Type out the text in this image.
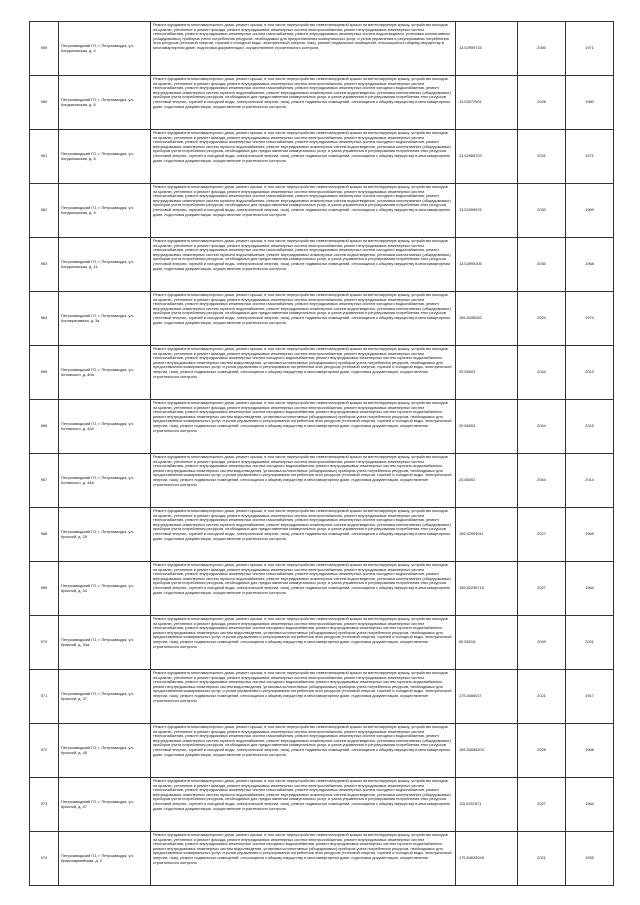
959	Петрозаводский ГО, г. Петрозаводск, ул. Кондопожская, д. 4	Ремонт фундамента многоквартирного дома, ремонт крыши, в том числе переустройство невентилируемой крыши на вентилируемую крышу, устройство выходов на кровлю, утепление и ремонт фасада, ремонт внутридомовых инженерных систем электроснабжения, ремонт внутридомовых инженерных систем теплоснабжения, ремонт внутридомовых инженерных систем газоснабжения, ремонт внутридомовых инженерных систем водоотведения, установка коллективных (общедомовых) приборов учета потребления ресурсов, необходимых для предоставления коммунальных услуг, и узлов управления и регулирования потребления этих ресурсов (тепловой энергии, горячей и холодной воды, электрической энергии, газа), ремонт подвальных помещений, относящихся к общему имуществу в многоквартирном доме, подготовка документации, осуществление строительного контроля	13.52959715	2050	1971
960	Петрозаводский ГО, г. Петрозаводск, ул. Кондопожская, д. 6	Ремонт фундамента многоквартирного дома, ремонт крыши, в том числе переустройство невентилируемой крыши на вентилируемую крышу, устройство выходов на кровлю, утепление и ремонт фасада, ремонт внутридомовых инженерных систем электроснабжения, ремонт внутридомовых инженерных систем теплоснабжения, ремонт внутридомовых инженерных систем газоснабжения, ремонт внутридомовых инженерных систем холодного водоснабжения, ремонт внутридомовых инженерных систем горячего водоснабжения, ремонт внутридомовых инженерных систем водоотведения, установка коллективных (общедомовых) приборов учета потребления ресурсов, необходимых для предоставления коммунальных услуг, и узлов управления и регулирования потребления этих ресурсов (тепловой энергии, горячей и холодной воды, электрической энергии, газа), ремонт подвальных помещений, относящихся к общему имуществу в многоквартирном доме, подготовка документации, осуществление строительного контроля	13.53072901	2026	1960
961	Петрозаводский ГО, г. Петрозаводск, ул. Кондопожская, д. 8	Ремонт фундамента многоквартирного дома, ремонт крыши, в том числе переустройство невентилируемой крыши на вентилируемую крышу, устройство выходов на кровлю, утепление и ремонт фасада, ремонт внутридомовых инженерных систем электроснабжения, ремонт внутридомовых инженерных систем теплоснабжения, ремонт внутридомовых инженерных систем газоснабжения, ремонт внутридомовых инженерных систем холодного водоснабжения, ремонт внутридомовых инженерных систем горячего водоснабжения, ремонт внутридомовых инженерных систем водоотведения, установка коллективных (общедомовых) приборов учета потребления ресурсов, необходимых для предоставления коммунальных услуг, и узлов управления и регулирования потребления этих ресурсов (тепловой энергии, горячей и холодной воды, электрической энергии, газа), ремонт подвальных помещений, относящихся к общему имуществу в многоквартирном доме, подготовка документации, осуществление строительного контроля	13.52968703	2031	1971
962	Петрозаводский ГО, г. Петрозаводск, ул. Кондопожская, д. 9	Ремонт фундамента многоквартирного дома, ремонт крыши, в том числе переустройство невентилируемой крыши на вентилируемую крышу, устройство выходов на кровлю, утепление и ремонт фасада, ремонт внутридомовых инженерных систем электроснабжения, ремонт внутридомовых инженерных систем теплоснабжения, ремонт внутридомовых инженерных систем газоснабжения, ремонт внутридомовых инженерных систем холодного водоснабжения, ремонт внутридомовых инженерных систем горячего водоснабжения, ремонт внутридомовых инженерных систем водоотведения, установка коллективных (общедомовых) приборов учета потребления ресурсов, необходимых для предоставления коммунальных услуг, и узлов управления и регулирования потребления этих ресурсов (тепловой энергии, горячей и холодной воды, электрической энергии, газа), ремонт подвальных помещений, относящихся к общему имуществу в многоквартирном доме, подготовка документации, осуществление строительного контроля	13.52996576	2030	1969
963	Петрозаводский ГО, г. Петрозаводск, ул. Кондопожская, д. 11	Ремонт фундамента многоквартирного дома, ремонт крыши, в том числе переустройство невентилируемой крыши на вентилируемую крышу, устройство выходов на кровлю, утепление и ремонт фасада, ремонт внутридомовых инженерных систем электроснабжения, ремонт внутридомовых инженерных систем теплоснабжения, ремонт внутридомовых инженерных систем газоснабжения, ремонт внутридомовых инженерных систем холодного водоснабжения, ремонт внутридомовых инженерных систем горячего водоснабжения, ремонт внутридомовых инженерных систем водоотведения, установка коллективных (общедомовых) приборов учета потребления ресурсов, необходимых для предоставления коммунальных услуг, и узлов управления и регулирования потребления этих ресурсов (тепловой энергии, горячей и холодной воды, электрической энергии, газа), ремонт подвальных помещений, относящихся к общему имуществу в многоквартирном доме, подготовка документации, осуществление строительного контроля	13.52995105	2030	1968
964	Петрозаводский ГО, г. Петрозаводск, ул. Кооперативная, д. 3а	Ремонт фундамента многоквартирного дома, ремонт крыши, в том числе переустройство невентилируемой крыши на вентилируемую крышу, устройство выходов на кровлю, утепление и ремонт фасада, ремонт внутридомовых инженерных систем электроснабжения, ремонт внутридомовых инженерных систем теплоснабжения, ремонт внутридомовых инженерных систем газоснабжения, ремонт внутридомовых инженерных систем холодного водоснабжения, ремонт внутридомовых инженерных систем горячего водоснабжения, ремонт внутридомовых инженерных систем водоотведения, установка коллективных (общедомовых) приборов учета потребления ресурсов, необходимых для предоставления коммунальных услуг, и узлов управления и регулирования потребления этих ресурсов (тепловой энергии, горячей и холодной воды, электрической энергии, газа), ремонт подвальных помещений, относящихся к общему имуществу в многоквартирном доме, подготовка документации, осуществление строительного контроля	155.5435262	2024	1974
965	Петрозаводский ГО, г. Петрозаводск, ул. Котовского, д. 40а	Ремонт фундамента многоквартирного дома, ремонт крыши, в том числе переустройство невентилируемой крыши на вентилируемую крышу, устройство выходов на кровлю, утепление и ремонт фасада, ремонт внутридомовых инженерных систем электроснабжения, ремонт внутридомовых инженерных систем теплоснабжения, ремонт внутридомовых инженерных систем холодного водоснабжения, ремонт внутридомовых инженерных систем горячего водоснабжения, ремонт внутридомовых инженерных систем водоотведения, установка коллективных (общедомовых) приборов учета потребления ресурсов, необходимых для предоставления коммунальных услуг, и узлов управления и регулирования потребления этих ресурсов (тепловой энергии, горячей и холодной воды, электрической энергии, газа), ремонт подвальных помещений, относящихся к общему имуществу в многоквартирном доме, подготовка документации, осуществление строительного контроля	20.56003	2044	2013
966	Петрозаводский ГО, г. Петрозаводск, ул. Котовского, д. 42а	Ремонт фундамента многоквартирного дома, ремонт крыши, в том числе переустройство невентилируемой крыши на вентилируемую крышу, устройство выходов на кровлю, утепление и ремонт фасада, ремонт внутридомовых инженерных систем электроснабжения, ремонт внутридомовых инженерных систем теплоснабжения, ремонт внутридомовых инженерных систем холодного водоснабжения, ремонт внутридомовых инженерных систем горячего водоснабжения, ремонт внутридомовых инженерных систем водоотведения, установка коллективных (общедомовых) приборов учета потребления ресурсов, необходимых для предоставления коммунальных услуг, и узлов управления и регулирования потребления этих ресурсов (тепловой энергии, горячей и холодной воды, электрической энергии, газа), ремонт подвальных помещений, относящихся к общему имуществу в многоквартирном доме, подготовка документации, осуществление строительного контроля	20.56003	2044	2015
967	Петрозаводский ГО, г. Петрозаводск, ул. Котовского, д. 44а	Ремонт фундамента многоквартирного дома, ремонт крыши, в том числе переустройство невентилируемой крыши на вентилируемую крышу, устройство выходов на кровлю, утепление и ремонт фасада, ремонт внутридомовых инженерных систем электроснабжения, ремонт внутридомовых инженерных систем теплоснабжения, ремонт внутридомовых инженерных систем холодного водоснабжения, ремонт внутридомовых инженерных систем горячего водоснабжения, ремонт внутридомовых инженерных систем водоотведения, установка коллективных (общедомовых) приборов учета потребления ресурсов, необходимых для предоставления коммунальных услуг, и узлов управления и регулирования потребления этих ресурсов (тепловой энергии, горячей и холодной воды, электрической энергии, газа), ремонт подвальных помещений, относящихся к общему имуществу в многоквартирном доме, подготовка документации, осуществление строительного контроля	20.56002	2044	2014
968	Петрозаводский ГО, г. Петрозаводск, ул. Краснoй, д. 29	Ремонт фундамента многоквартирного дома, ремонт крыши, в том числе переустройство невентилируемой крыши на вентилируемую крышу, устройство выходов на кровлю, утепление и ремонт фасада, ремонт внутридомовых инженерных систем электроснабжения, ремонт внутридомовых инженерных систем теплоснабжения, ремонт внутридомовых инженерных систем газоснабжения, ремонт внутридомовых инженерных систем холодного водоснабжения, ремонт внутридомовых инженерных систем горячего водоснабжения, ремонт внутридомовых инженерных систем водоотведения, установка коллективных (общедомовых) приборов учета потребления ресурсов, необходимых для предоставления коммунальных услуг, и узлов управления и регулирования потребления этих ресурсов (тепловой энергии, горячей и холодной воды, электрической энергии, газа), ремонт подвальных помещений, относящихся к общему имуществу в многоквартирном доме, подготовка документации, осуществление строительного контроля	155.52991011	2027	1965
969	Петрозаводский ГО, г. Петрозаводск, ул. Краснoй, д. 34	Ремонт фундамента многоквартирного дома, ремонт крыши, в том числе переустройство невентилируемой крыши на вентилируемую крышу, устройство выходов на кровлю, утепление и ремонт фасада, ремонт внутридомовых инженерных систем электроснабжения, ремонт внутридомовых инженерных систем теплоснабжения, ремонт внутридомовых инженерных систем газоснабжения, ремонт внутридомовых инженерных систем холодного водоснабжения, ремонт внутридомовых инженерных систем горячего водоснабжения, ремонт внутридомовых инженерных систем водоотведения, установка коллективных (общедомовых) приборов учета потребления ресурсов, необходимых для предоставления коммунальных услуг, и узлов управления и регулирования потребления этих ресурсов (тепловой энергии, горячей и холодной воды, электрической энергии, газа), ремонт подвальных помещений, относящихся к общему имуществу в многоквартирном доме, подготовка документации, осуществление строительного контроля	155.52296715	2027	1964
970	Петрозаводский ГО, г. Петрозаводск, ул. Краснoй, д. 34а	Ремонт фундамента многоквартирного дома, ремонт крыши, в том числе переустройство невентилируемой крыши на вентилируемую крышу, устройство выходов на кровлю, утепление и ремонт фасада, ремонт внутридомовых инженерных систем электроснабжения, ремонт внутридомовых инженерных систем теплоснабжения, ремонт внутридомовых инженерных систем холодного водоснабжения, ремонт внутридомовых инженерных систем горячего водоснабжения, ремонт внутридомовых инженерных систем водоотведения, установка коллективных (общедомовых) приборов учета потребления ресурсов, необходимых для предоставления коммунальных услуг, и узлов управления и регулирования потребления этих ресурсов (тепловой энергии, горячей и холодной воды, электрической энергии, газа), ремонт подвальных помещений, относящихся к общему имуществу в многоквартирном доме, подготовка документации, осуществление строительного контроля	50.55016	2049	2001
971	Петрозаводский ГО, г. Петрозаводск, ул. Краснoй, д. 37	Ремонт фундамента многоквартирного дома, ремонт крыши, в том числе переустройство невентилируемой крыши на вентилируемую крышу, устройство выходов на кровлю, утепление и ремонт фасада, ремонт внутридомовых инженерных систем электроснабжения, ремонт внутридомовых инженерных систем теплоснабжения, ремонт внутридомовых инженерных систем холодного водоснабжения, ремонт внутридомовых инженерных систем горячего водоснабжения, ремонт внутридомовых инженерных систем водоотведения, установка коллективных (общедомовых) приборов учета потребления ресурсов, необходимых для предоставления коммунальных услуг, и узлов управления и регулирования потребления этих ресурсов (тепловой энергии, горячей и холодной воды, электрической энергии, газа), ремонт подвальных помещений, относящихся к общему имуществу в многоквартирном доме, подготовка документации, осуществление строительного контроля	175.5456017	2021	1917
972	Петрозаводский ГО, г. Петрозаводск, ул. Краснoй, д. 45	Ремонт фундамента многоквартирного дома, ремонт крыши, в том числе переустройство невентилируемой крыши на вентилируемую крышу, устройство выходов на кровлю, утепление и ремонт фасада, ремонт внутридомовых инженерных систем электроснабжения, ремонт внутридомовых инженерных систем теплоснабжения, ремонт внутридомовых инженерных систем газоснабжения, ремонт внутридомовых инженерных систем холодного водоснабжения, ремонт внутридомовых инженерных систем горячего водоснабжения, ремонт внутридомовых инженерных систем водоотведения, установка коллективных (общедомовых) приборов учета потребления ресурсов, необходимых для предоставления коммунальных услуг, и узлов управления и регулирования потребления этих ресурсов (тепловой энергии, горячей и холодной воды, электрической энергии, газа), ремонт подвальных помещений, относящихся к общему имуществу в многоквартирном доме, подготовка документации, осуществление строительного контроля	155.53086203	2028	1966
973	Петрозаводский ГО, г. Петрозаводск, ул. Краснoй, д. 47	Ремонт фундамента многоквартирного дома, ремонт крыши, в том числе переустройство невентилируемой крыши на вентилируемую крышу, устройство выходов на кровлю, утепление и ремонт фасада, ремонт внутридомовых инженерных систем электроснабжения, ремонт внутридомовых инженерных систем теплоснабжения, ремонт внутридомовых инженерных систем газоснабжения, ремонт внутридомовых инженерных систем холодного водоснабжения, ремонт внутридомовых инженерных систем горячего водоснабжения, ремонт внутридомовых инженерных систем водоотведения, установка коллективных (общедомовых) приборов учета потребления ресурсов, необходимых для предоставления коммунальных услуг, и узлов управления и регулирования потребления этих ресурсов (тепловой энергии, горячей и холодной воды, электрической энергии, газа), ремонт подвальных помещений, относящихся к общему имуществу в многоквартирном доме, подготовка документации, осуществление строительного контроля	115.5257671	2027	1964
974	Петрозаводский ГО, г. Петрозаводск, ул. Красноармейская, д. 2	Ремонт фундамента многоквартирного дома, ремонт крыши, в том числе переустройство невентилируемой крыши на вентилируемую крышу, устройство выходов на кровлю, утепление и ремонт фасада, ремонт внутридомовых инженерных систем электроснабжения, ремонт внутридомовых инженерных систем теплоснабжения, ремонт внутридомовых инженерных систем холодного водоснабжения, ремонт внутридомовых инженерных систем горячего водоснабжения, ремонт внутридомовых инженерных систем водоотведения, установка коллективных (общедомовых) приборов учета потребления ресурсов, необходимых для предоставления коммунальных услуг, и узлов управления и регулирования потребления этих ресурсов (тепловой энергии, горячей и холодной воды, электрической энергии, газа), ремонт подвальных помещений, относящихся к общему имуществу в многоквартирном доме, подготовка документации, осуществление строительного контроля	175.54625049	2021	1935
